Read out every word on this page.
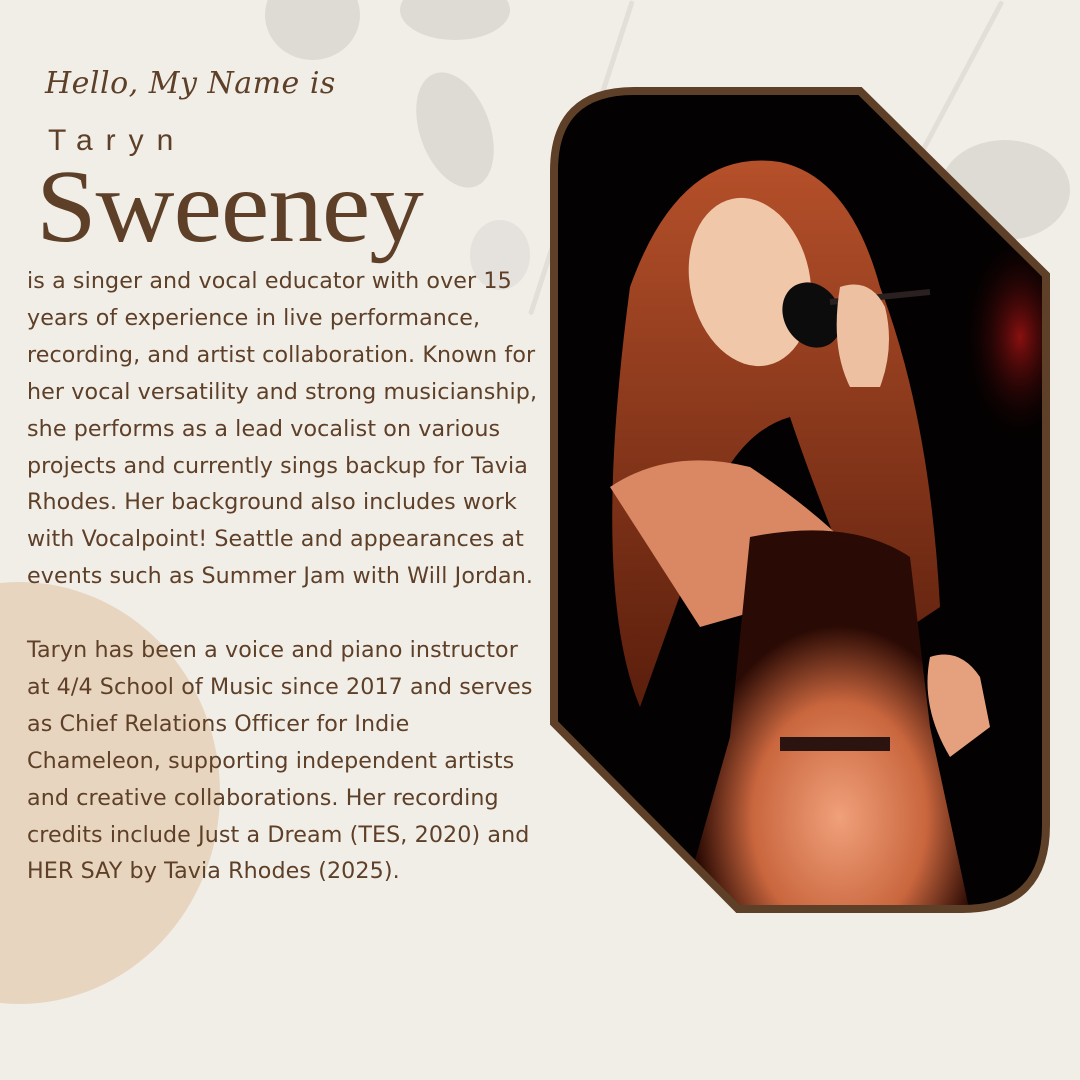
Hello, My Name is
Taryn
Sweeney

is a singer and vocal educator with over 15 years of experience in live performance, recording, and artist collaboration. Known for her vocal versatility and strong musicianship, she performs as a lead vocalist on various projects and currently sings backup for Tavia Rhodes. Her background also includes work with Vocalpoint! Seattle and appearances at events such as Summer Jam with Will Jordan.

Taryn has been a voice and piano instructor at 4/4 School of Music since 2017 and serves as Chief Relations Officer for Indie Chameleon, supporting independent artists and creative collaborations. Her recording credits include Just a Dream (TES, 2020) and HER SAY by Tavia Rhodes (2025).
